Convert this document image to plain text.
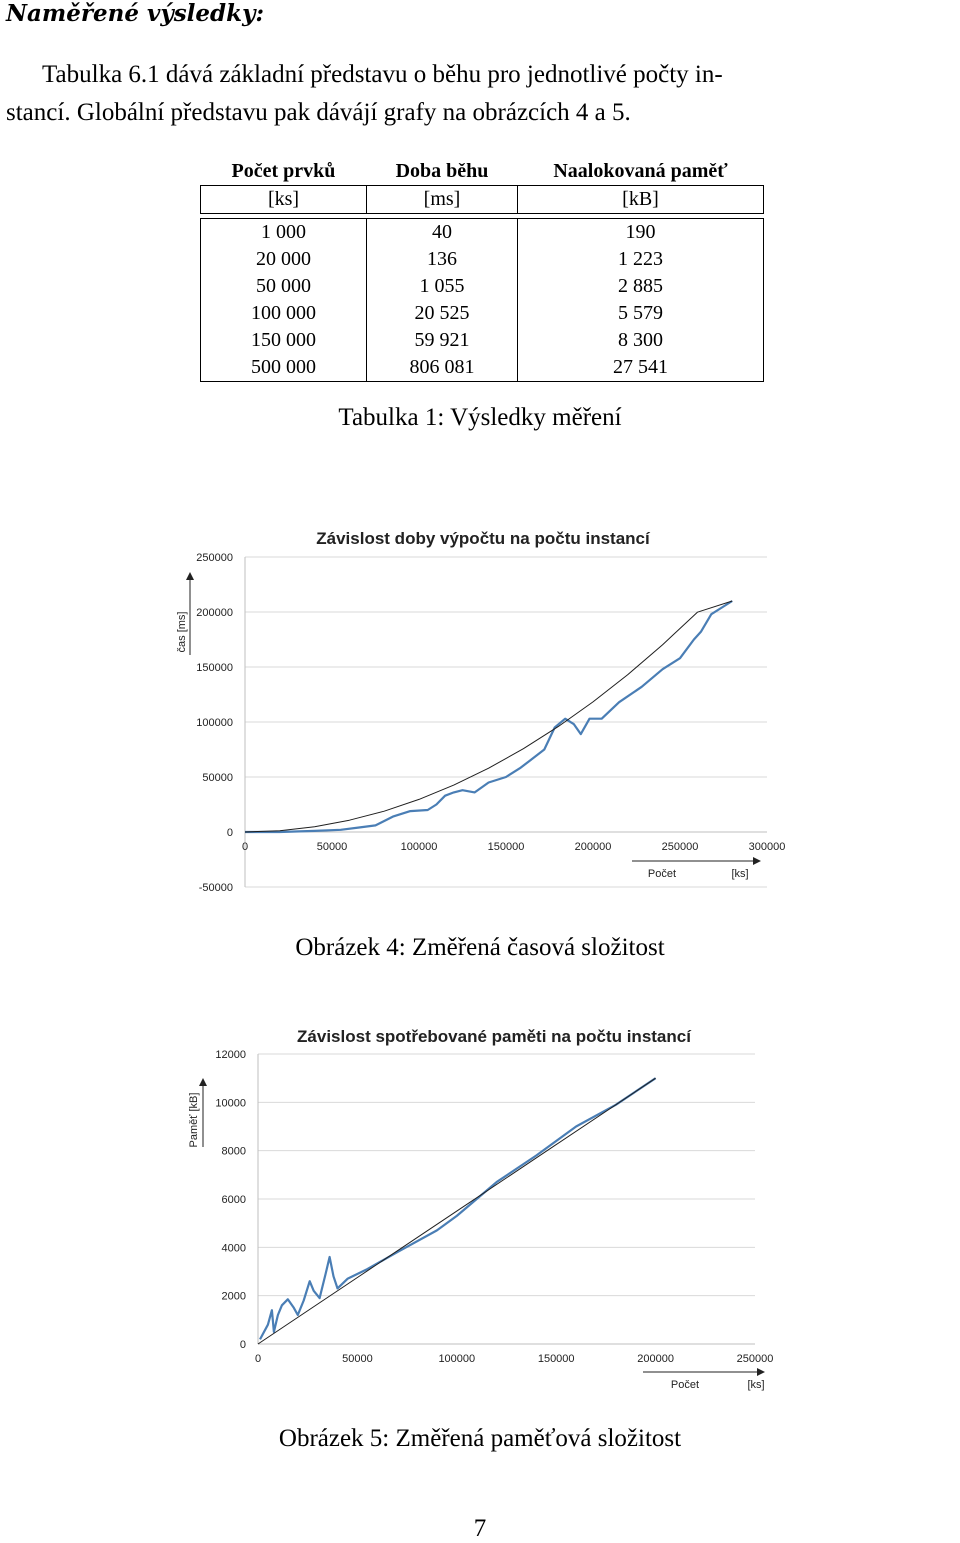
Naměřené výsledky:
Tabulka 6.1 dává základní představu o běhu pro jednotlivé počty in-
stancí. Globální představu pak dávájí grafy na obrázcích 4 a 5.
Počet prvků	Doba běhu	Naalokovaná paměť
[ks]	[ms]	[kB]

1 000	40	190
20 000	136	1 223
50 000	1 055	2 885
100 000	20 525	5 579
150 000	59 921	8 300
500 000	806 081	27 541
Tabulka 1: Výsledky měření
Závislost doby výpočtu na počtu instancí
čas [ms]
Počet	[ks]
-50000
0
50000
100000
150000
200000
250000
0	50000	100000	150000	200000	250000	300000
Obrázek 4: Změřená časová složitost
Závislost spotřebované paměti na počtu instancí
Paměť [kB]
Počet	[ks]
0
2000
4000
6000
8000
10000
12000
0	50000	100000	150000	200000	250000
Obrázek 5: Změřená paměťová složitost
7
